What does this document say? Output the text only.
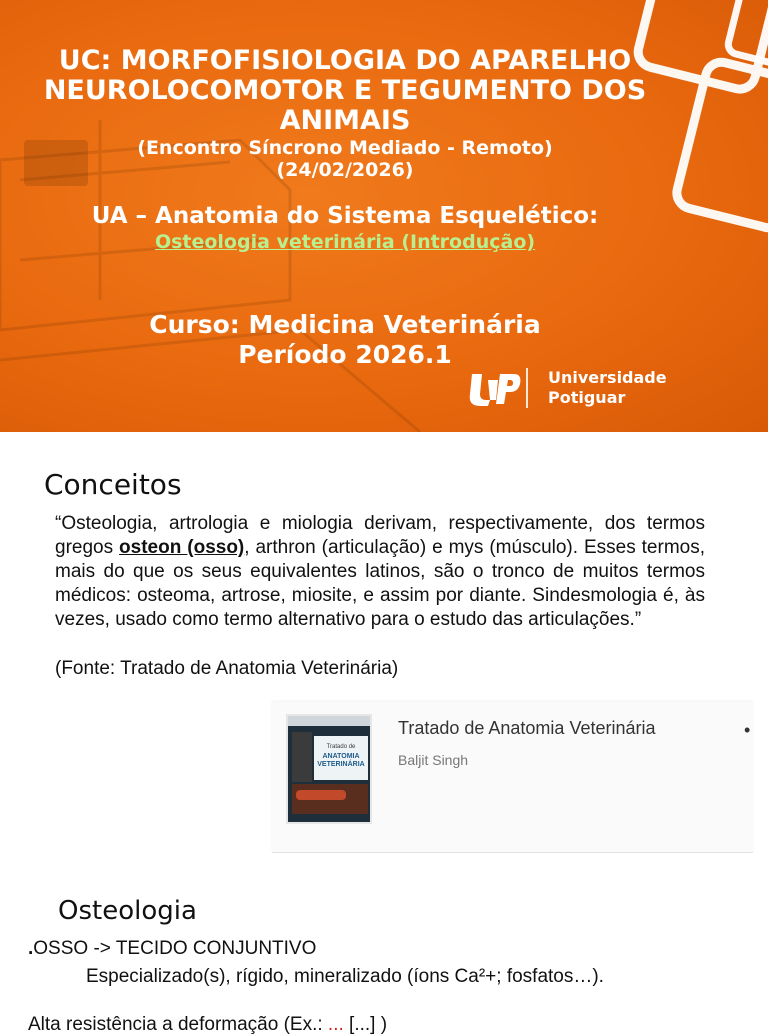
UC: MORFOFISIOLOGIA DO APARELHO
NEUROLOCOMOTOR E TEGUMENTO DOS
ANIMAIS
(Encontro Síncrono Mediado - Remoto)
(24/02/2026)
UA – Anatomia do Sistema Esquelético:
Osteologia veterinária (Introdução)
Curso: Medicina Veterinária
Período 2026.1
Universidade
Potiguar
Conceitos
“Osteologia, artrologia e miologia derivam, respectivamente, dos termos gregos osteon (osso), arthron (articulação) e mys (músculo). Esses termos, mais do que os seus equivalentes latinos, são o tronco de muitos termos médicos: osteoma, artrose, miosite, e assim por diante. Sindesmologia é, às vezes, usado como termo alternativo para o estudo das articulações.”
(Fonte: Tratado de Anatomia Veterinária)
Tratado de
ANATOMIA
VETERINÁRIA
Tratado de Anatomia Veterinária
Baljit Singh
•
Osteologia
.OSSO -> TECIDO CONJUNTIVO
Especializado(s), rígido, mineralizado (íons Ca²+; fosfatos…).
Alta resistência a deformação (Ex.: ... [...] )
